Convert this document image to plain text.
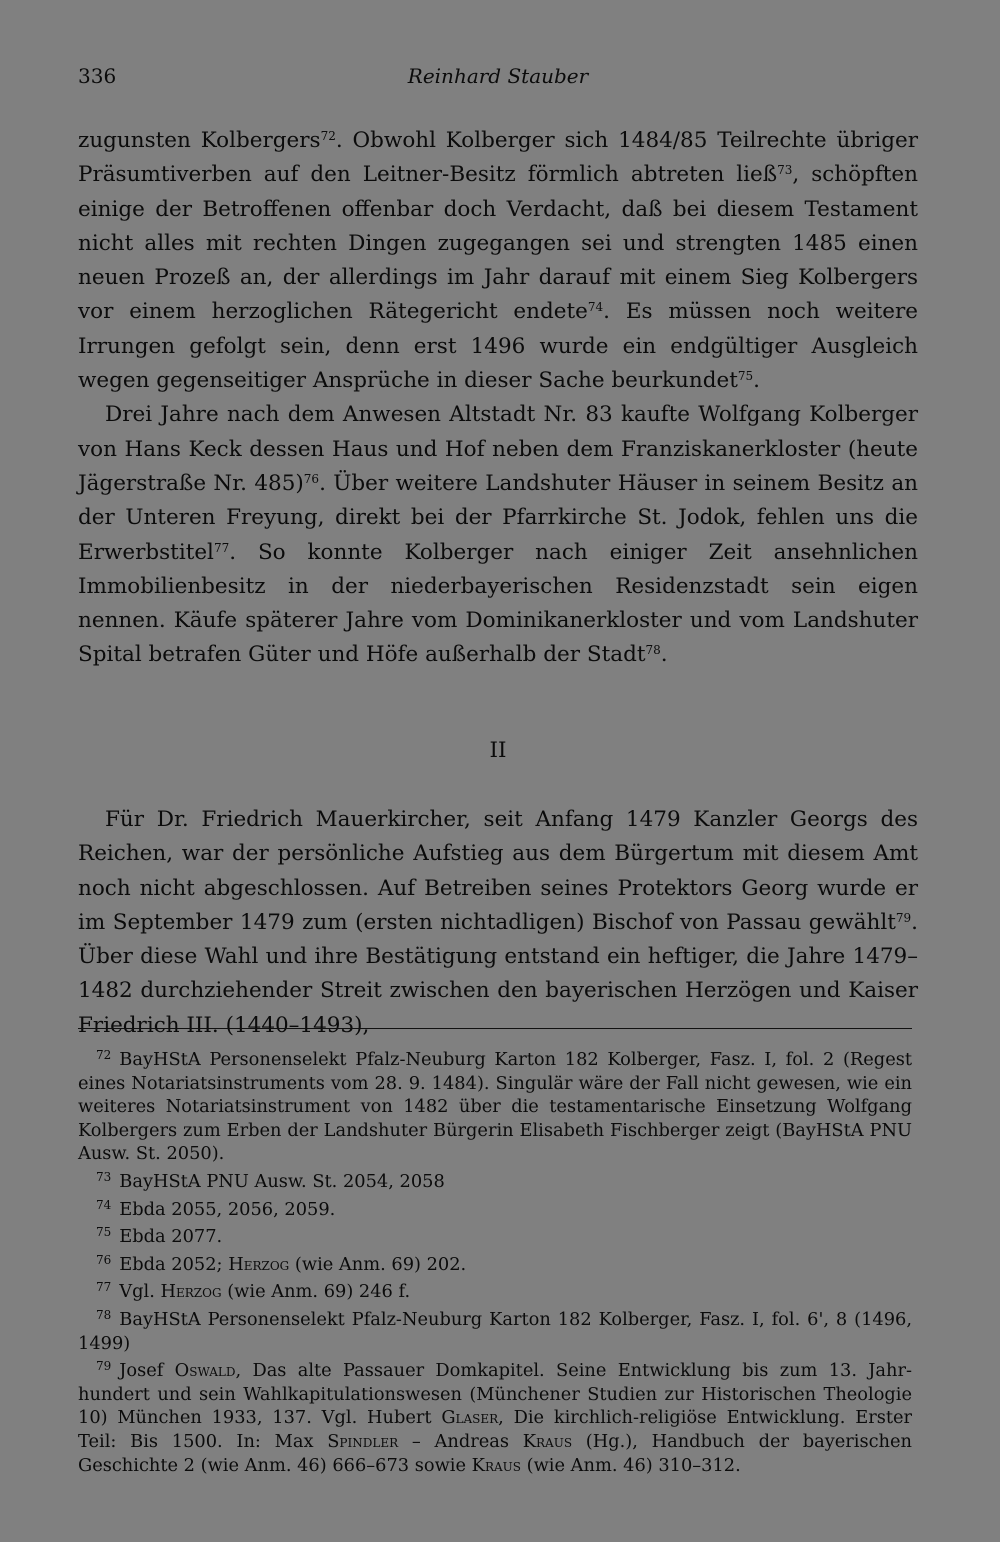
336	Reinhard Stauber

zugunsten Kolbergers$^{72}$. Obwohl Kolberger sich 1484/85 Teilrechte übriger Präsumtiverben auf den Leitner-Besitz förmlich abtreten ließ$^{73}$, schöpften einige der Betroffenen offenbar doch Verdacht, daß bei diesem Testament nicht alles mit rechten Dingen zugegangen sei und strengten 1485 einen neuen Prozeß an, der allerdings im Jahr darauf mit einem Sieg Kolbergers vor einem herzoglichen Rätegericht endete$^{74}$. Es müssen noch weitere Irrungen gefolgt sein, denn erst 1496 wurde ein endgültiger Ausgleich wegen gegenseitiger Ansprüche in dieser Sache beurkundet$^{75}$.

Drei Jahre nach dem Anwesen Altstadt Nr. 83 kaufte Wolfgang Kolberger von Hans Keck dessen Haus und Hof neben dem Franziskanerkloster (heute Jägerstraße Nr. 485)$^{76}$. Über weitere Landshuter Häuser in seinem Besitz an der Unteren Freyung, direkt bei der Pfarrkirche St. Jodok, fehlen uns die Erwerbstitel$^{77}$. So konnte Kolberger nach einiger Zeit ansehnlichen Immobilienbesitz in der niederbayerischen Residenzstadt sein eigen nennen. Käufe späterer Jahre vom Dominikanerkloster und vom Landshuter Spital betrafen Güter und Höfe außerhalb der Stadt$^{78}$.

II

Für Dr. Friedrich Mauerkircher, seit Anfang 1479 Kanzler Georgs des Reichen, war der persönliche Aufstieg aus dem Bürgertum mit diesem Amt noch nicht abgeschlossen. Auf Betreiben seines Protektors Georg wurde er im September 1479 zum (ersten nichtadligen) Bischof von Passau gewählt$^{79}$. Über diese Wahl und ihre Bestätigung entstand ein heftiger, die Jahre 1479–1482 durchziehender Streit zwischen den bayerischen Herzögen und Kaiser Friedrich III. (1440–1493),

$^{72}$ BayHStA Personenselekt Pfalz-Neuburg Karton 182 Kolberger, Fasz. I, fol. 2 (Regest eines Notariatsinstruments vom 28. 9. 1484). Singulär wäre der Fall nicht gewesen, wie ein weiteres Notariatsinstrument von 1482 über die testamentarische Einsetzung Wolfgang Kolbergers zum Erben der Landshuter Bürgerin Elisabeth Fischberger zeigt (BayHStA PNU Ausw. St. 2050).

$^{73}$ BayHStA PNU Ausw. St. 2054, 2058

$^{74}$ Ebda 2055, 2056, 2059.

$^{75}$ Ebda 2077.

$^{76}$ Ebda 2052; Herzog (wie Anm. 69) 202.

$^{77}$ Vgl. Herzog (wie Anm. 69) 246 f.

$^{78}$ BayHStA Personenselekt Pfalz-Neuburg Karton 182 Kolberger, Fasz. I, fol. 6', 8 (1496, 1499)

$^{79}$ Josef Oswald, Das alte Passauer Domkapitel. Seine Entwicklung bis zum 13. Jahrhundert und sein Wahlkapitulationswesen (Münchener Studien zur Historischen Theologie 10) München 1933, 137. Vgl. Hubert Glaser, Die kirchlich-religiöse Entwicklung. Erster Teil: Bis 1500. In: Max Spindler – Andreas Kraus (Hg.), Handbuch der bayerischen Geschichte 2 (wie Anm. 46) 666–673 sowie Kraus (wie Anm. 46) 310–312.
